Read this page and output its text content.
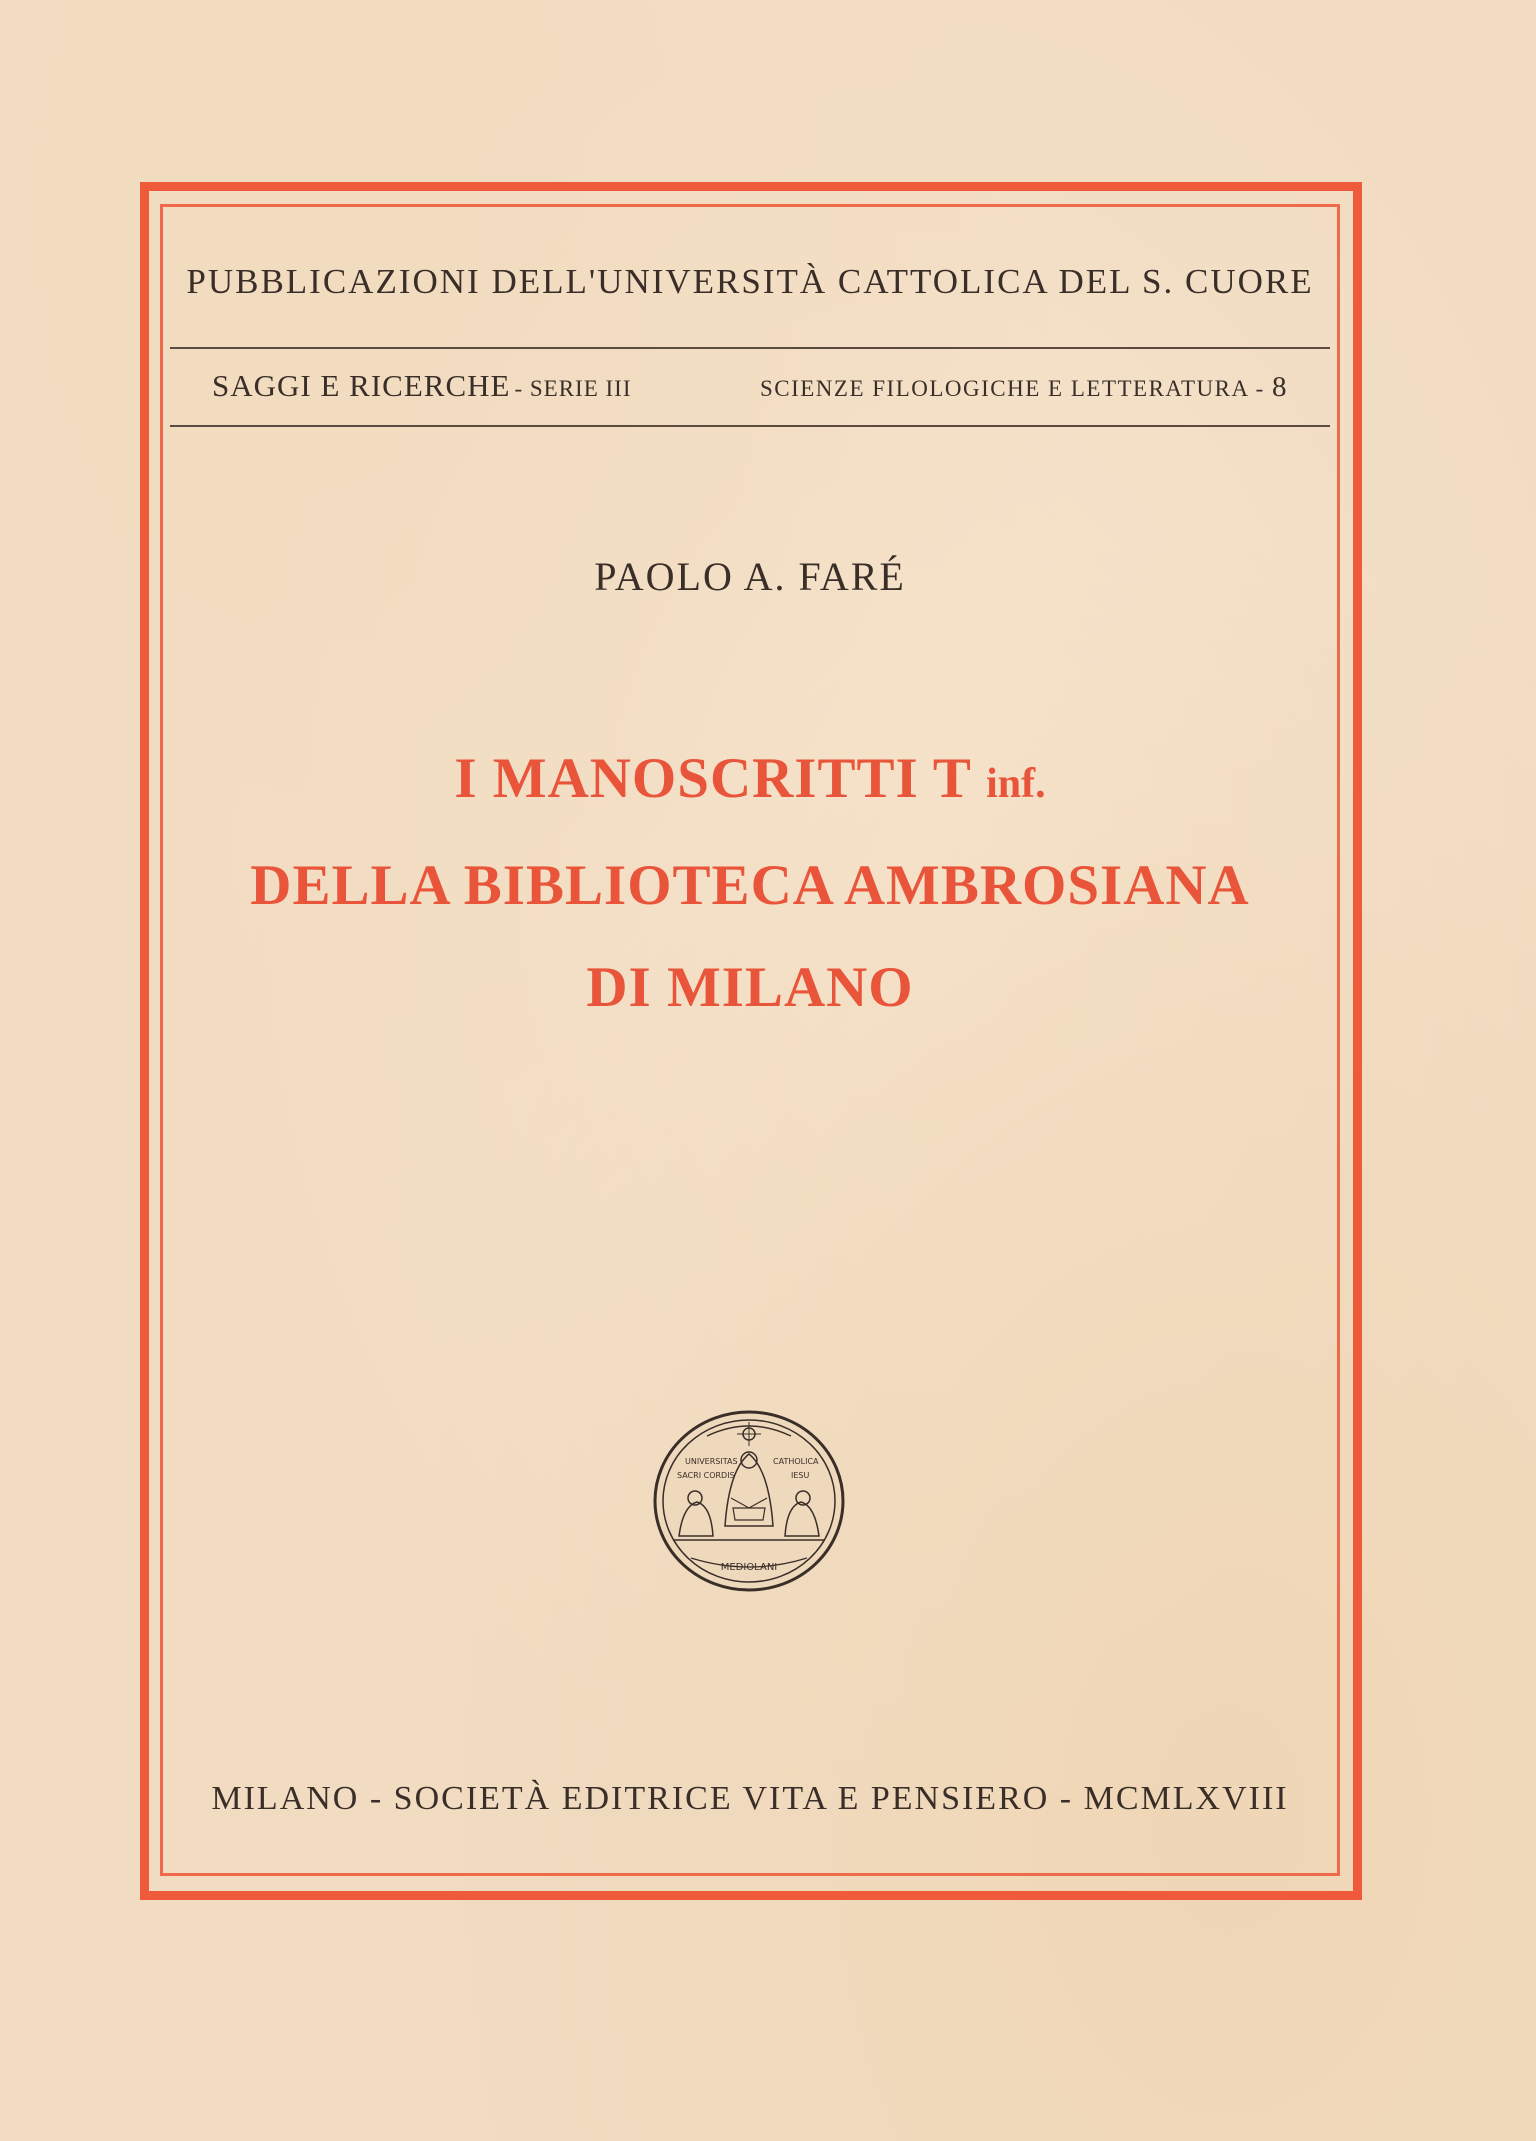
PUBBLICAZIONI DELL'UNIVERSITÀ CATTOLICA DEL S. CUORE
SAGGI E RICERCHE - SERIE III	SCIENZE FILOLOGICHE E LETTERATURA - 8
PAOLO A. FARÉ
I MANOSCRITTI T inf.
DELLA BIBLIOTECA AMBROSIANA
DI MILANO
UNIVERSITAS	CATHOLICA
SACRI CORDIS	IESU
MEDIOLANI
MILANO - SOCIETÀ EDITRICE VITA E PENSIERO - MCMLXVIII
